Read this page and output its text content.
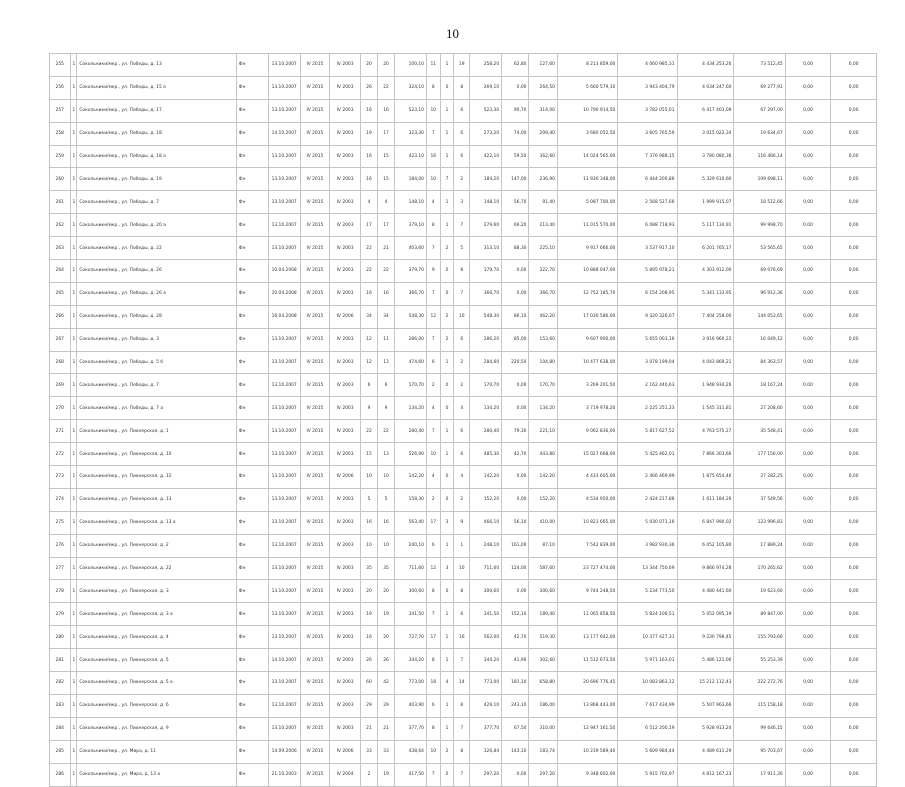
10
255	1	Сокольники/мкр., ул. Победы, д. 13	Фн	13.10.2007	IV 2015	IV 2003	20	20	100,10	11	1	19	258,20	62,80	127,60	8 213 859,00	4 060 985,31	4 434 253,26	73 512,45	0,00	0,00
256	1	Сокольники/мкр., ул. Победы, д. 15 а	Фн	13.10.2007	IV 2015	IV 2003	26	22	324,10	8	0	8	269,10	0,00	264,50	5 660 579,10	3 943 404,79	4 034 247,60	69 277,91	0,00	0,00
257	1	Сокольники/мкр., ул. Победы, д. 17	Фн	13.10.2007	IV 2015	IV 2003	16	16	523,10	10	1	6	523,30	90,70	314,00	10 790 914,50	3 782 055,01	6 417 403,09	67 297,00	0,00	0,00
258	1	Сокольники/мкр., ул. Победы, д. 18	Фн	14.10.2007	IV 2015	IV 2003	19	17	323,30	7	1	6	273,20	74,00	209,40	3 680 052,50	3 605 765,59	3 015 022,34	19 634,67	0,00	0,00
259	1	Сокольники/мкр., ул. Победы, д. 18 а	Фн	13.10.2007	IV 2015	IV 2003	16	15	423,10	16	1	6	422,10	59,50	362,60	14 024 565,00	7 376 988,15	3 780 080,36	116 466,14	0,00	0,00
260	1	Сокольники/мкр., ул. Победы, д. 19	Фн	13.10.2007	IV 2015	IV 2003	16	15	184,00	10	7	2	184,20	147,00	236,90	11 930 348,00	6 444 200,86	5 329 610,60	109 698,11	0,00	0,00
261	1	Сокольники/мкр., ул. Победы, д. 7	Фн	13.10.2007	IV 2015	IV 2003	4	4	148,10	4	1	3	148,10	56,70	91,40	5 087 700,00	2 568 527,66	1 999 915,07	18 512,66	0,00	0,00
262	1	Сокольники/мкр., ул. Победы, д. 20 а	Фн	13.10.2007	IV 2015	IV 2003	17	17	379,10	8	1	7	279,60	66,20	213,40	11 015 570,00	6 088 718,93	5 117 134,91	99 998,70	0,00	0,00
263	1	Сокольники/мкр., ул. Победы, д. 22	Фн	13.10.2007	IV 2015	IV 2003	22	21	403,60	7	2	5	313,10	88,30	225,10	9 917 666,00	3 537 917,10	6 201 765,17	53 565,65	0,00	0,00
264	1	Сокольники/мкр., ул. Победы, д. 26	Фн	10.04.2008	IV 2015	IV 2003	22	22	379,70	9	0	8	379,70	0,00	322,70	10 888 047,00	5 895 978,21	4 303 912,00	69 076,69	0,00	0,00
265	1	Сокольники/мкр., ул. Победы, д. 26 а	Фн	10.04.2008	IV 2015	IV 2003	16	16	366,70	7	0	7	366,70	0,00	366,70	12 752 185,70	6 154 208,95	5 341 133,95	96 912,36	0,00	0,00
266	1	Сокольники/мкр., ул. Победы, д. 28	Фн	16.04.2008	IV 2015	IV 2006	34	34	548,30	12	2	10	548,30	86,10	462,20	17 030 586,00	9 320 326,07	7 404 258,00	144 053,65	0,00	0,00
267	1	Сокольники/мкр., ул. Победы, д. 3	Фн	13.10.2007	IV 2015	IV 2003	12	11	286,00	7	2	6	286,20	85,00	153,60	9 607 900,00	5 655 003,16	3 916 960,22	16 049,12	0,00	0,00
268	1	Сокольники/мкр., ул. Победы, д. 5 б	Фн	13.10.2007	IV 2015	IV 2003	12	13	474,60	6	1	2	284,60	220,50	104,80	10 477 638,00	3 078 199,04	4 043 869,21	84 363,57	0,00	0,00
269	1	Сокольники/мкр., ул. Победы, д. 7	Фн	13.10.2007	IV 2015	IV 2003	6	6	170,70	2	0	2	170,70	0,00	170,70	3 269 201,50	2 162 440,63	1 948 934,26	18 167,24	0,00	0,00
270	1	Сокольники/мкр., ул. Победы, д. 7 а	Фн	13.10.2007	IV 2015	IV 2003	9	9	134,20	4	0	4	134,20	0,00	134,20	3 719 978,20	2 225 251,23	1 545 311,81	27 208,60	0,00	0,00
271	1	Сокольники/мкр., ул. Пионерская, д. 1	Фн	13.10.2007	IV 2015	IV 2003	22	22	280,40	7	1	6	280,40	79,30	221,10	9 062 836,00	5 817 627,52	4 763 575,27	35 548,41	0,00	0,00
272	1	Сокольники/мкр., ул. Пионерская, д. 10	Фн	13.10.2007	IV 2015	IV 2003	15	13	526,90	10	1	6	485,30	42,70	443,80	15 027 668,00	5 425 462,01	7 866 303,66	177 156,00	0,00	0,00
273	1	Сокольники/мкр., ул. Пионерская, д. 12	Фн	13.10.2007	IV 2015	IV 2006	10	10	142,20	4	0	4	142,20	0,00	142,20	4 433 605,00	2 466 469,99	1 875 654,46	27 282,25	0,00	0,00
274	1	Сокольники/мкр., ул. Пионерская, д. 13	Фн	13.10.2007	IV 2015	IV 2003	5	5	158,30	2	0	2	152,20	0,00	152,20	4 534 950,00	2 424 217,88	1 611 184,26	37 549,56	0,00	0,00
275	1	Сокольники/мкр., ул. Пионерская, д. 13 а	Фн	13.10.2007	IV 2015	IV 2003	16	16	563,40	17	3	9	466,10	56,10	410,00	10 823 665,00	5 030 071,16	6 847 990,02	123 996,83	0,00	0,00
276	1	Сокольники/мкр., ул. Пионерская, д. 2	Фн	13.10.2007	IV 2015	IV 2003	10	10	240,10	6	1	1	248,10	161,00	87,10	7 542 839,00	3 982 930,36	6 052 105,80	17 889,24	0,00	0,00
277	1	Сокольники/мкр., ул. Пионерская, д. 22	Фн	13.10.2007	IV 2015	IV 2003	35	35	711,60	12	3	10	711,60	124,00	587,60	23 727 474,00	13 344 750,69	9 866 974,28	170 265,62	0,00	0,00
278	1	Сокольники/мкр., ул. Пионерская, д. 3	Фн	13.10.2007	IV 2015	IV 2003	20	20	300,60	8	0	8	300,60	0,00	300,60	9 744 248,50	5 234 773,50	4 480 441,60	19 623,60	0,00	0,00
279	1	Сокольники/мкр., ул. Пионерская, д. 3 а	Фн	13.10.2007	IV 2015	IV 2003	19	19	341,50	7	1	6	341,50	152,10	189,40	11 065 858,50	5 824 106,51	5 052 095,19	89 847,00	0,00	0,00
280	1	Сокольники/мкр., ул. Пионерская, д. 4	Фн	13.10.2007	IV 2015	IV 2003	16	20	727,70	17	1	16	562,00	42,70	519,30	13 177 642,00	10 377 427,31	9 230 798,45	155 793,66	0,00	0,00
281	1	Сокольники/мкр., ул. Пионерская, д. 5	Фн	14.10.2007	IV 2015	IV 2003	26	26	344,20	8	1	7	344,20	41,90	302,60	11 512 673,50	5 971 163,01	5 486 121,06	55 253,39	0,00	0,00
282	1	Сокольники/мкр., ул. Пионерская, д. 5 а	Фн	13.10.2007	IV 2015	IV 2003	60	42	773,00	18	4	14	773,00	181,10	658,80	20 696 776,45	10 083 863,12	15 212 112,43	222 272,76	0,00	0,00
283	1	Сокольники/мкр., ул. Пионерская, д. 6	Фн	13.10.2007	IV 2015	IV 2003	29	29	403,90	6	1	8	429,10	243,10	186,00	13 868 443,00	7 617 434,99	5 507 903,66	115 158,18	0,00	0,00
284	1	Сокольники/мкр., ул. Пионерская, д. 9	Фн	13.10.2007	IV 2015	IV 2003	21	21	377,70	8	1	7	377,70	67,50	310,00	12 947 161,50	6 512 200,19	5 928 913,24	99 646,15	0,00	0,00
285	1	Сокольники/мкр., ул. Мира, д. 11	Фн	14.09.2006	IV 2015	IV 2006	33	33	438,64	10	2	8	326,84	143,10	183,74	10 239 589,40	5 609 984,44	4 489 611,29	95 703,67	0,00	0,00
286	1	Сокольники/мкр., ул. Мира, д. 13 а	Фн	21.10.2003	IV 2015	IV 2004	2	19	417,50	7	0	7	297,20	0,00	297,20	9 348 602,00	5 915 702,97	4 812 167,23	17 911,30	0,00	0,00
